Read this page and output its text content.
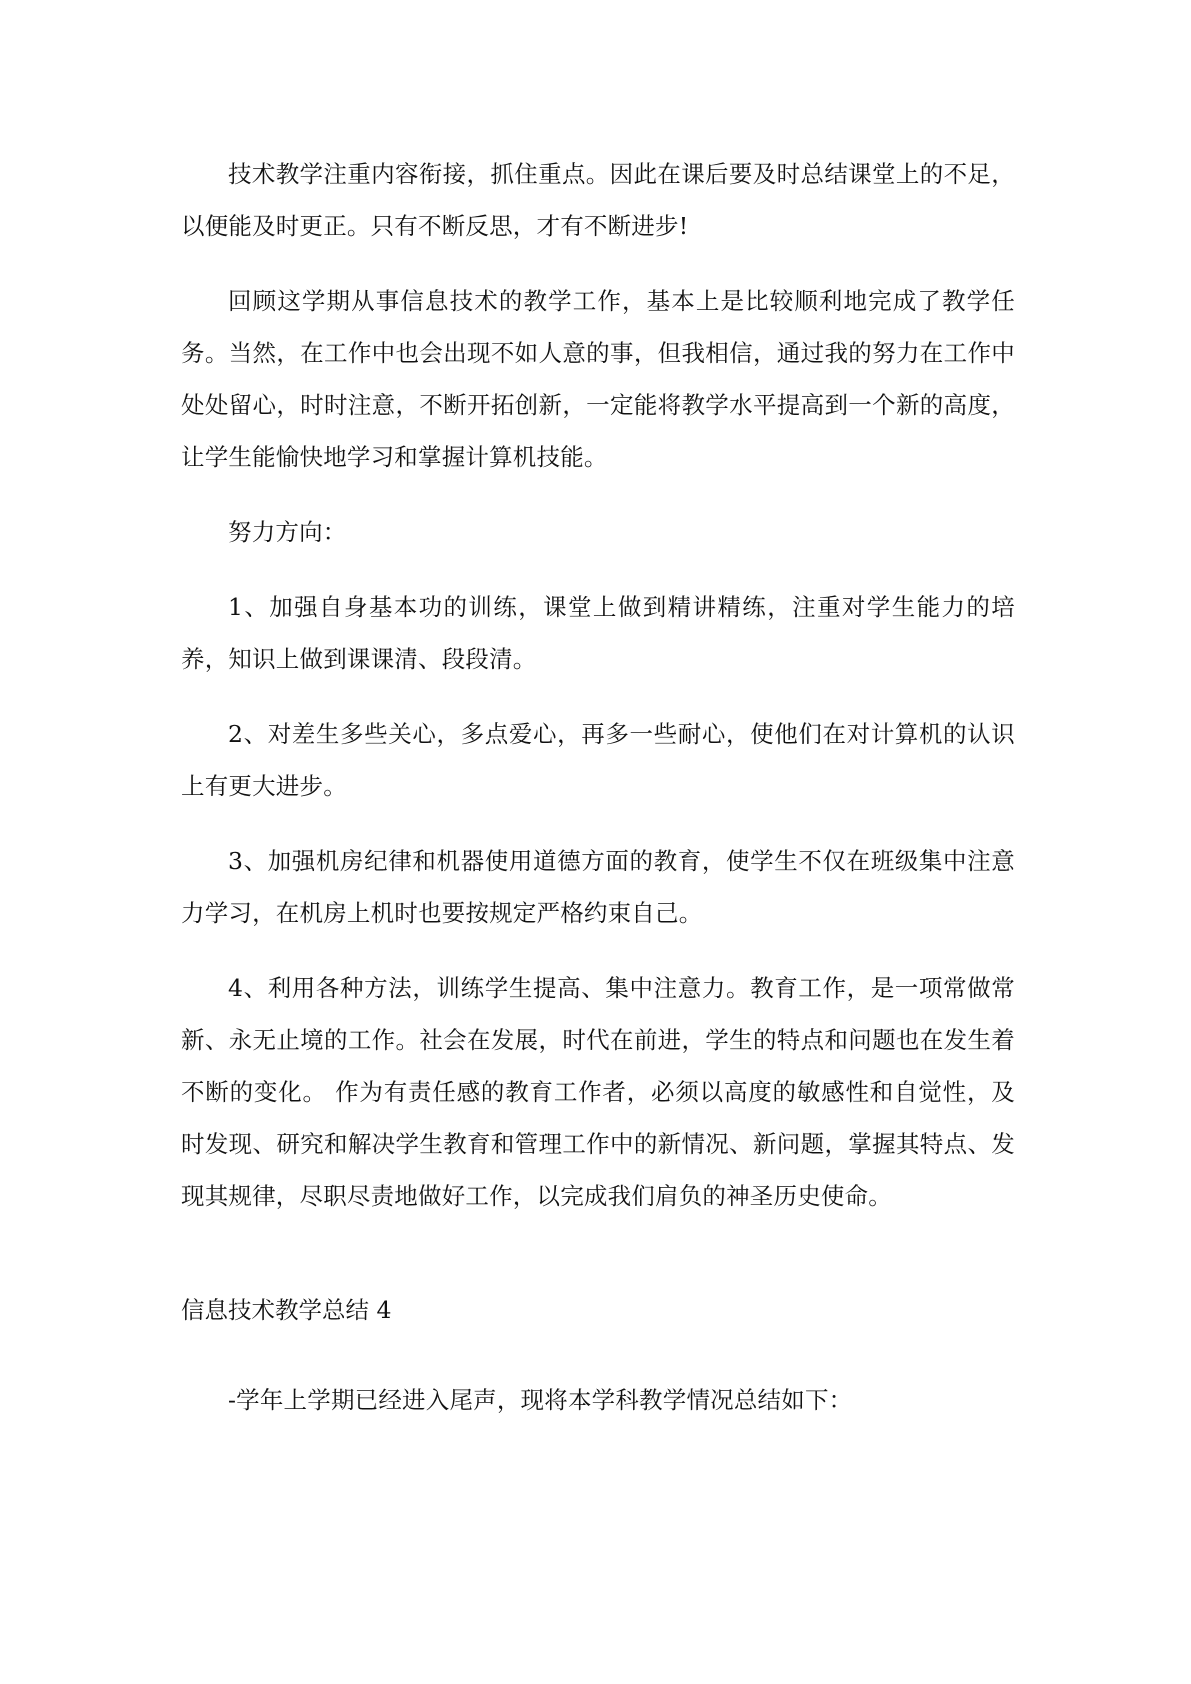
技术教学注重内容衔接，抓住重点。因此在课后要及时总结课堂上的不足，以便能及时更正。只有不断反思，才有不断进步!

回顾这学期从事信息技术的教学工作，基本上是比较顺利地完成了教学任务。当然，在工作中也会出现不如人意的事，但我相信，通过我的努力在工作中处处留心，时时注意，不断开拓创新，一定能将教学水平提高到一个新的高度，让学生能愉快地学习和掌握计算机技能。

努力方向：

1、加强自身基本功的训练，课堂上做到精讲精练，注重对学生能力的培养，知识上做到课课清、段段清。

2、对差生多些关心，多点爱心，再多一些耐心，使他们在对计算机的认识上有更大进步。

3、加强机房纪律和机器使用道德方面的教育，使学生不仅在班级集中注意力学习，在机房上机时也要按规定严格约束自己。

4、利用各种方法，训练学生提高、集中注意力。教育工作，是一项常做常新、永无止境的工作。社会在发展，时代在前进，学生的特点和问题也在发生着不断的变化。 作为有责任感的教育工作者，必须以高度的敏感性和自觉性，及时发现、研究和解决学生教育和管理工作中的新情况、新问题，掌握其特点、发现其规律，尽职尽责地做好工作，以完成我们肩负的神圣历史使命。

信息技术教学总结 4

-学年上学期已经进入尾声，现将本学科教学情况总结如下：
